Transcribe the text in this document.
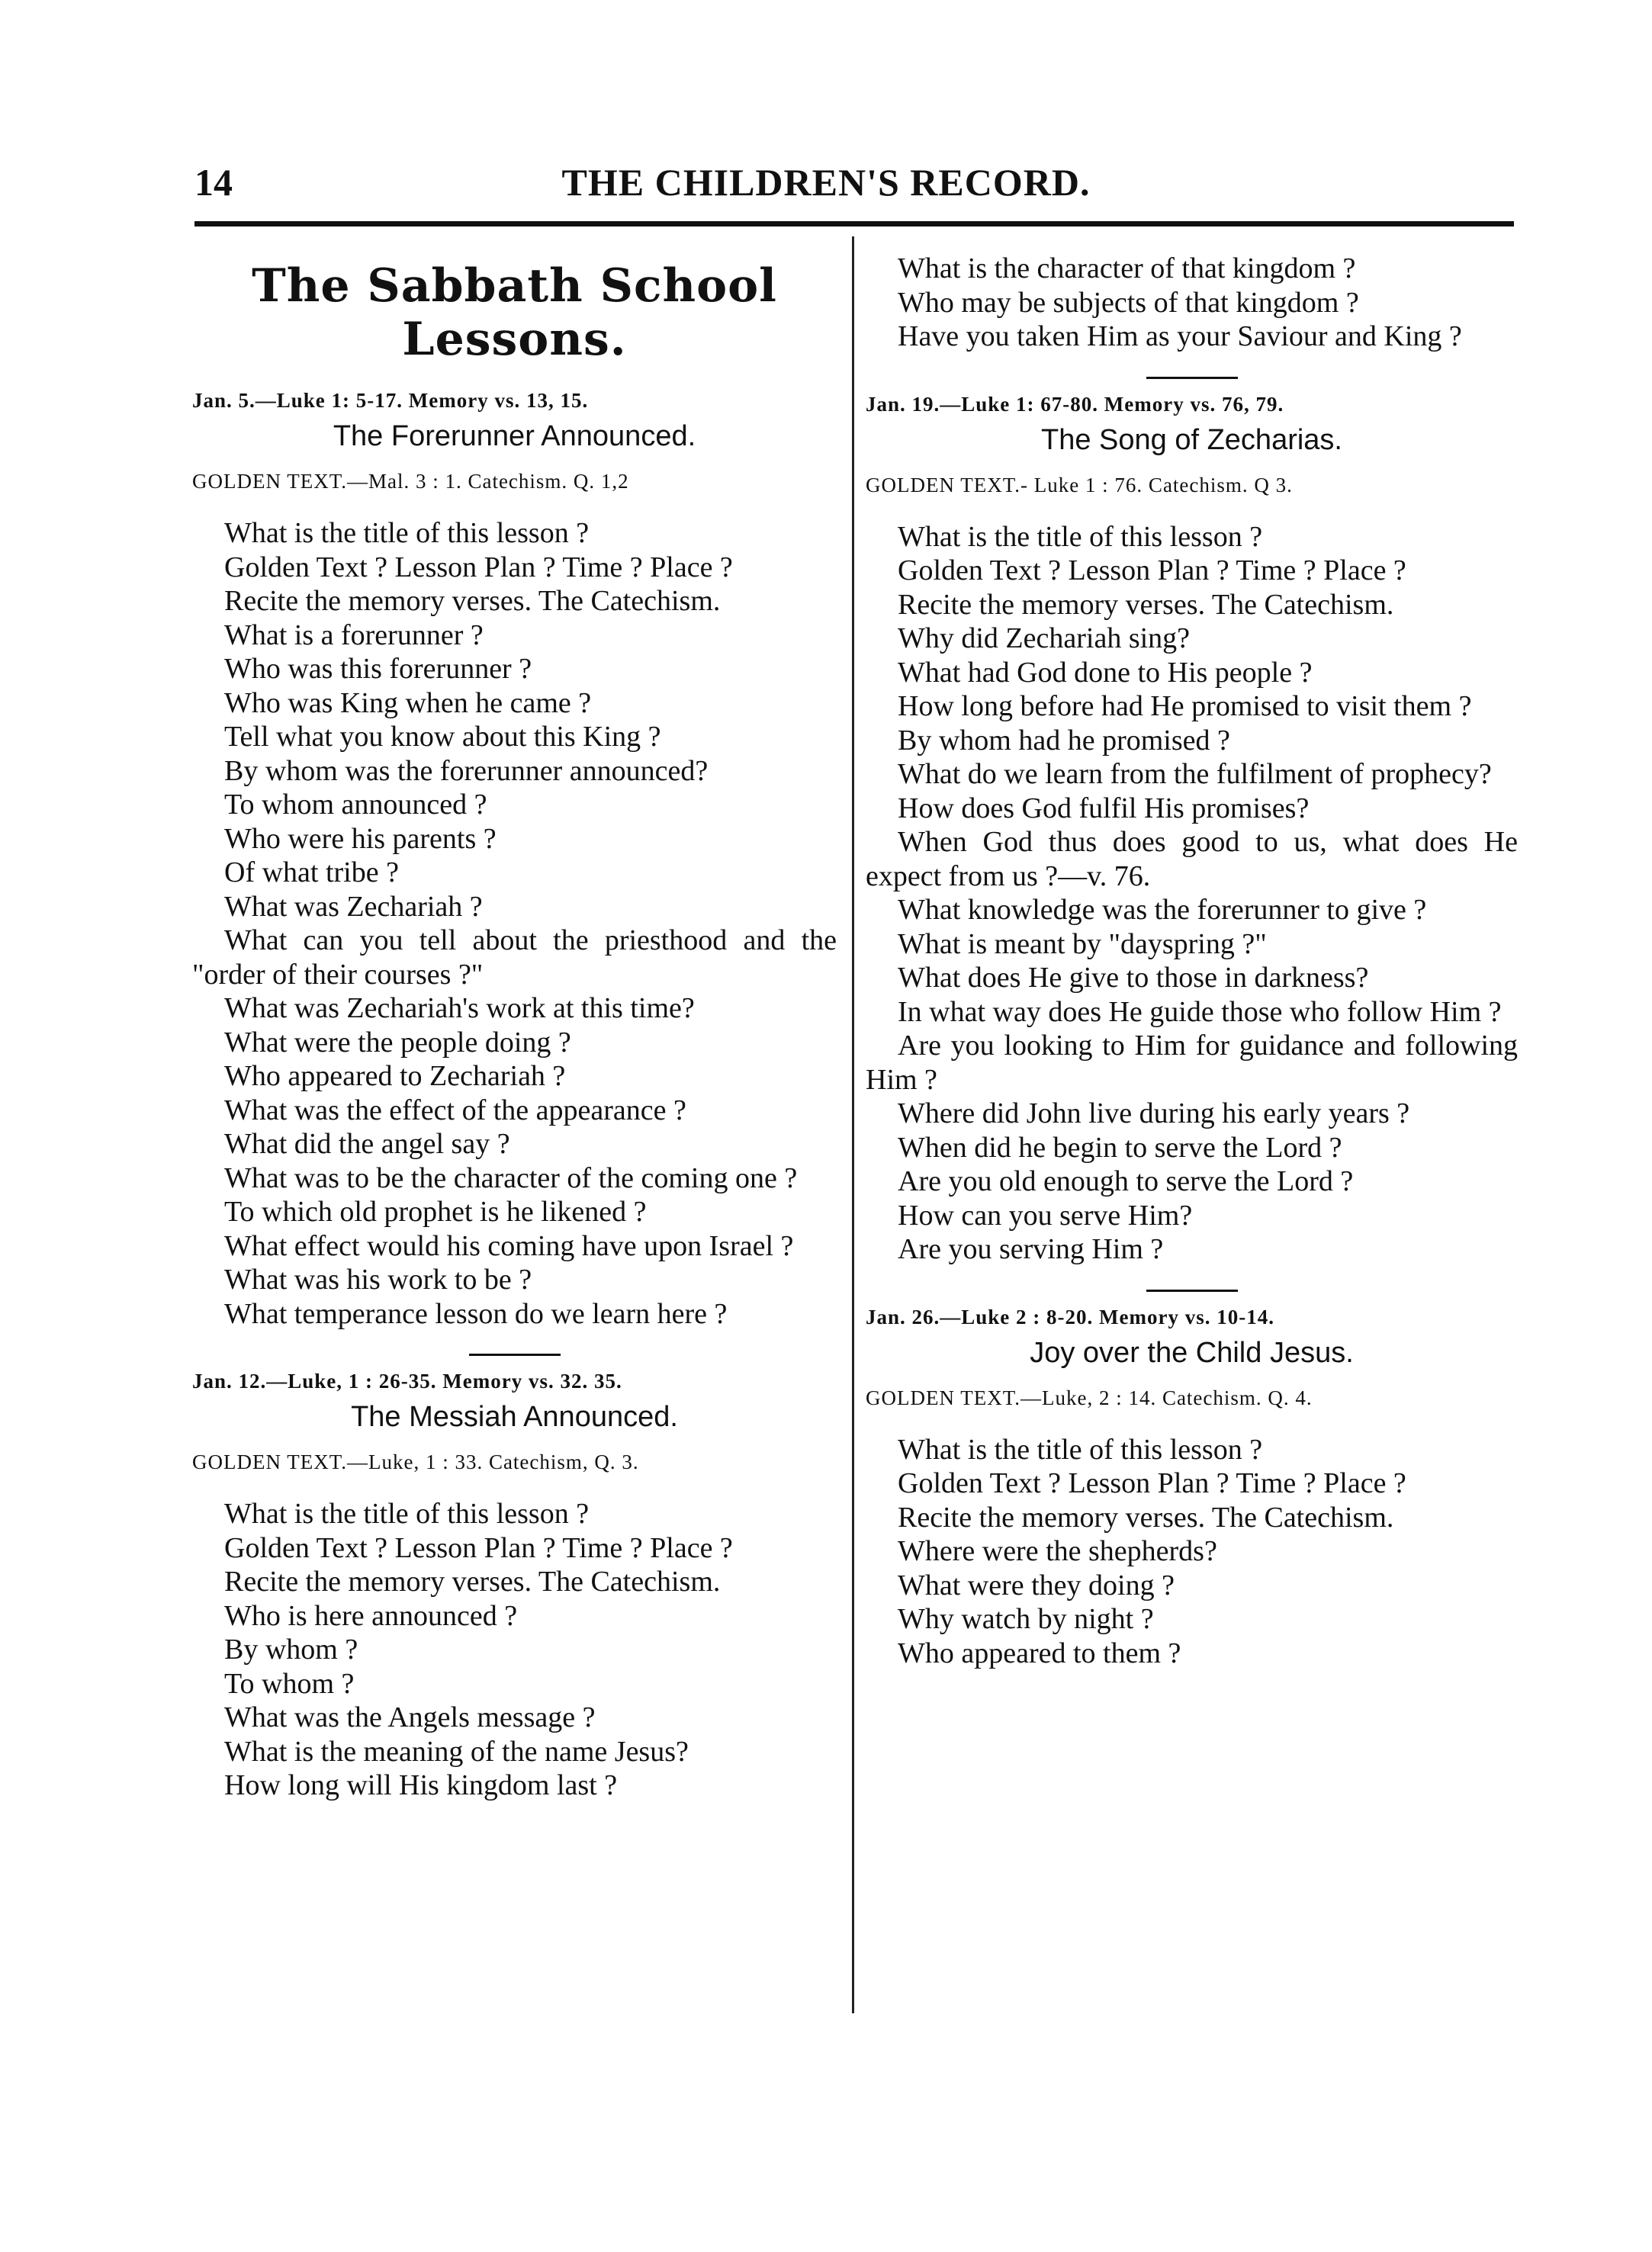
THE CHILDREN'S RECORD.
14
The Sabbath School Lessons.
Jan. 5.—Luke 1: 5-17. Memory vs. 13, 15.
The Forerunner Announced.
GOLDEN TEXT.—Mal. 3 : 1. Catechism. Q. 1,2
What is the title of this lesson ?
Golden Text ? Lesson Plan ? Time ? Place ?
Recite the memory verses. The Catechism.
What is a forerunner ?
Who was this forerunner ?
Who was King when he came ?
Tell what you know about this King ?
By whom was the forerunner announced?
To whom announced ?
Who were his parents ?
Of what tribe ?
What was Zechariah ?
What can you tell about the priesthood and the "order of their courses ?"
What was Zechariah's work at this time?
What were the people doing ?
Who appeared to Zechariah ?
What was the effect of the appearance ?
What did the angel say ?
What was to be the character of the coming one ?
To which old prophet is he likened ?
What effect would his coming have upon Israel ?
What was his work to be ?
What temperance lesson do we learn here ?
Jan. 12.—Luke, 1 : 26-35. Memory vs. 32. 35.
The Messiah Announced.
GOLDEN TEXT.—Luke, 1 : 33. Catechism, Q. 3.
What is the title of this lesson ?
Golden Text ? Lesson Plan ? Time ? Place ?
Recite the memory verses. The Catechism.
Who is here announced ?
By whom ?
To whom ?
What was the Angels message ?
What is the meaning of the name Jesus?
How long will His kingdom last ?
What is the character of that kingdom ?
Who may be subjects of that kingdom ?
Have you taken Him as your Saviour and King ?
Jan. 19.—Luke 1: 67-80. Memory vs. 76, 79.
The Song of Zecharias.
GOLDEN TEXT.- Luke 1 : 76. Catechism. Q 3.
What is the title of this lesson ?
Golden Text ? Lesson Plan ? Time ? Place ?
Recite the memory verses. The Catechism.
Why did Zechariah sing?
What had God done to His people ?
How long before had He promised to visit them ?
By whom had he promised ?
What do we learn from the fulfilment of prophecy?
How does God fulfil His promises?
When God thus does good to us, what does He expect from us ?—v. 76.
What knowledge was the forerunner to give ?
What is meant by "dayspring ?"
What does He give to those in darkness?
In what way does He guide those who follow Him ?
Are you looking to Him for guidance and following Him ?
Where did John live during his early years ?
When did he begin to serve the Lord ?
Are you old enough to serve the Lord ?
How can you serve Him?
Are you serving Him ?
Jan. 26.—Luke 2 : 8-20. Memory vs. 10-14.
Joy over the Child Jesus.
GOLDEN TEXT.—Luke, 2 : 14. Catechism. Q. 4.
What is the title of this lesson ?
Golden Text ? Lesson Plan ? Time ? Place ?
Recite the memory verses. The Catechism.
Where were the shepherds?
What were they doing ?
Why watch by night ?
Who appeared to them ?
